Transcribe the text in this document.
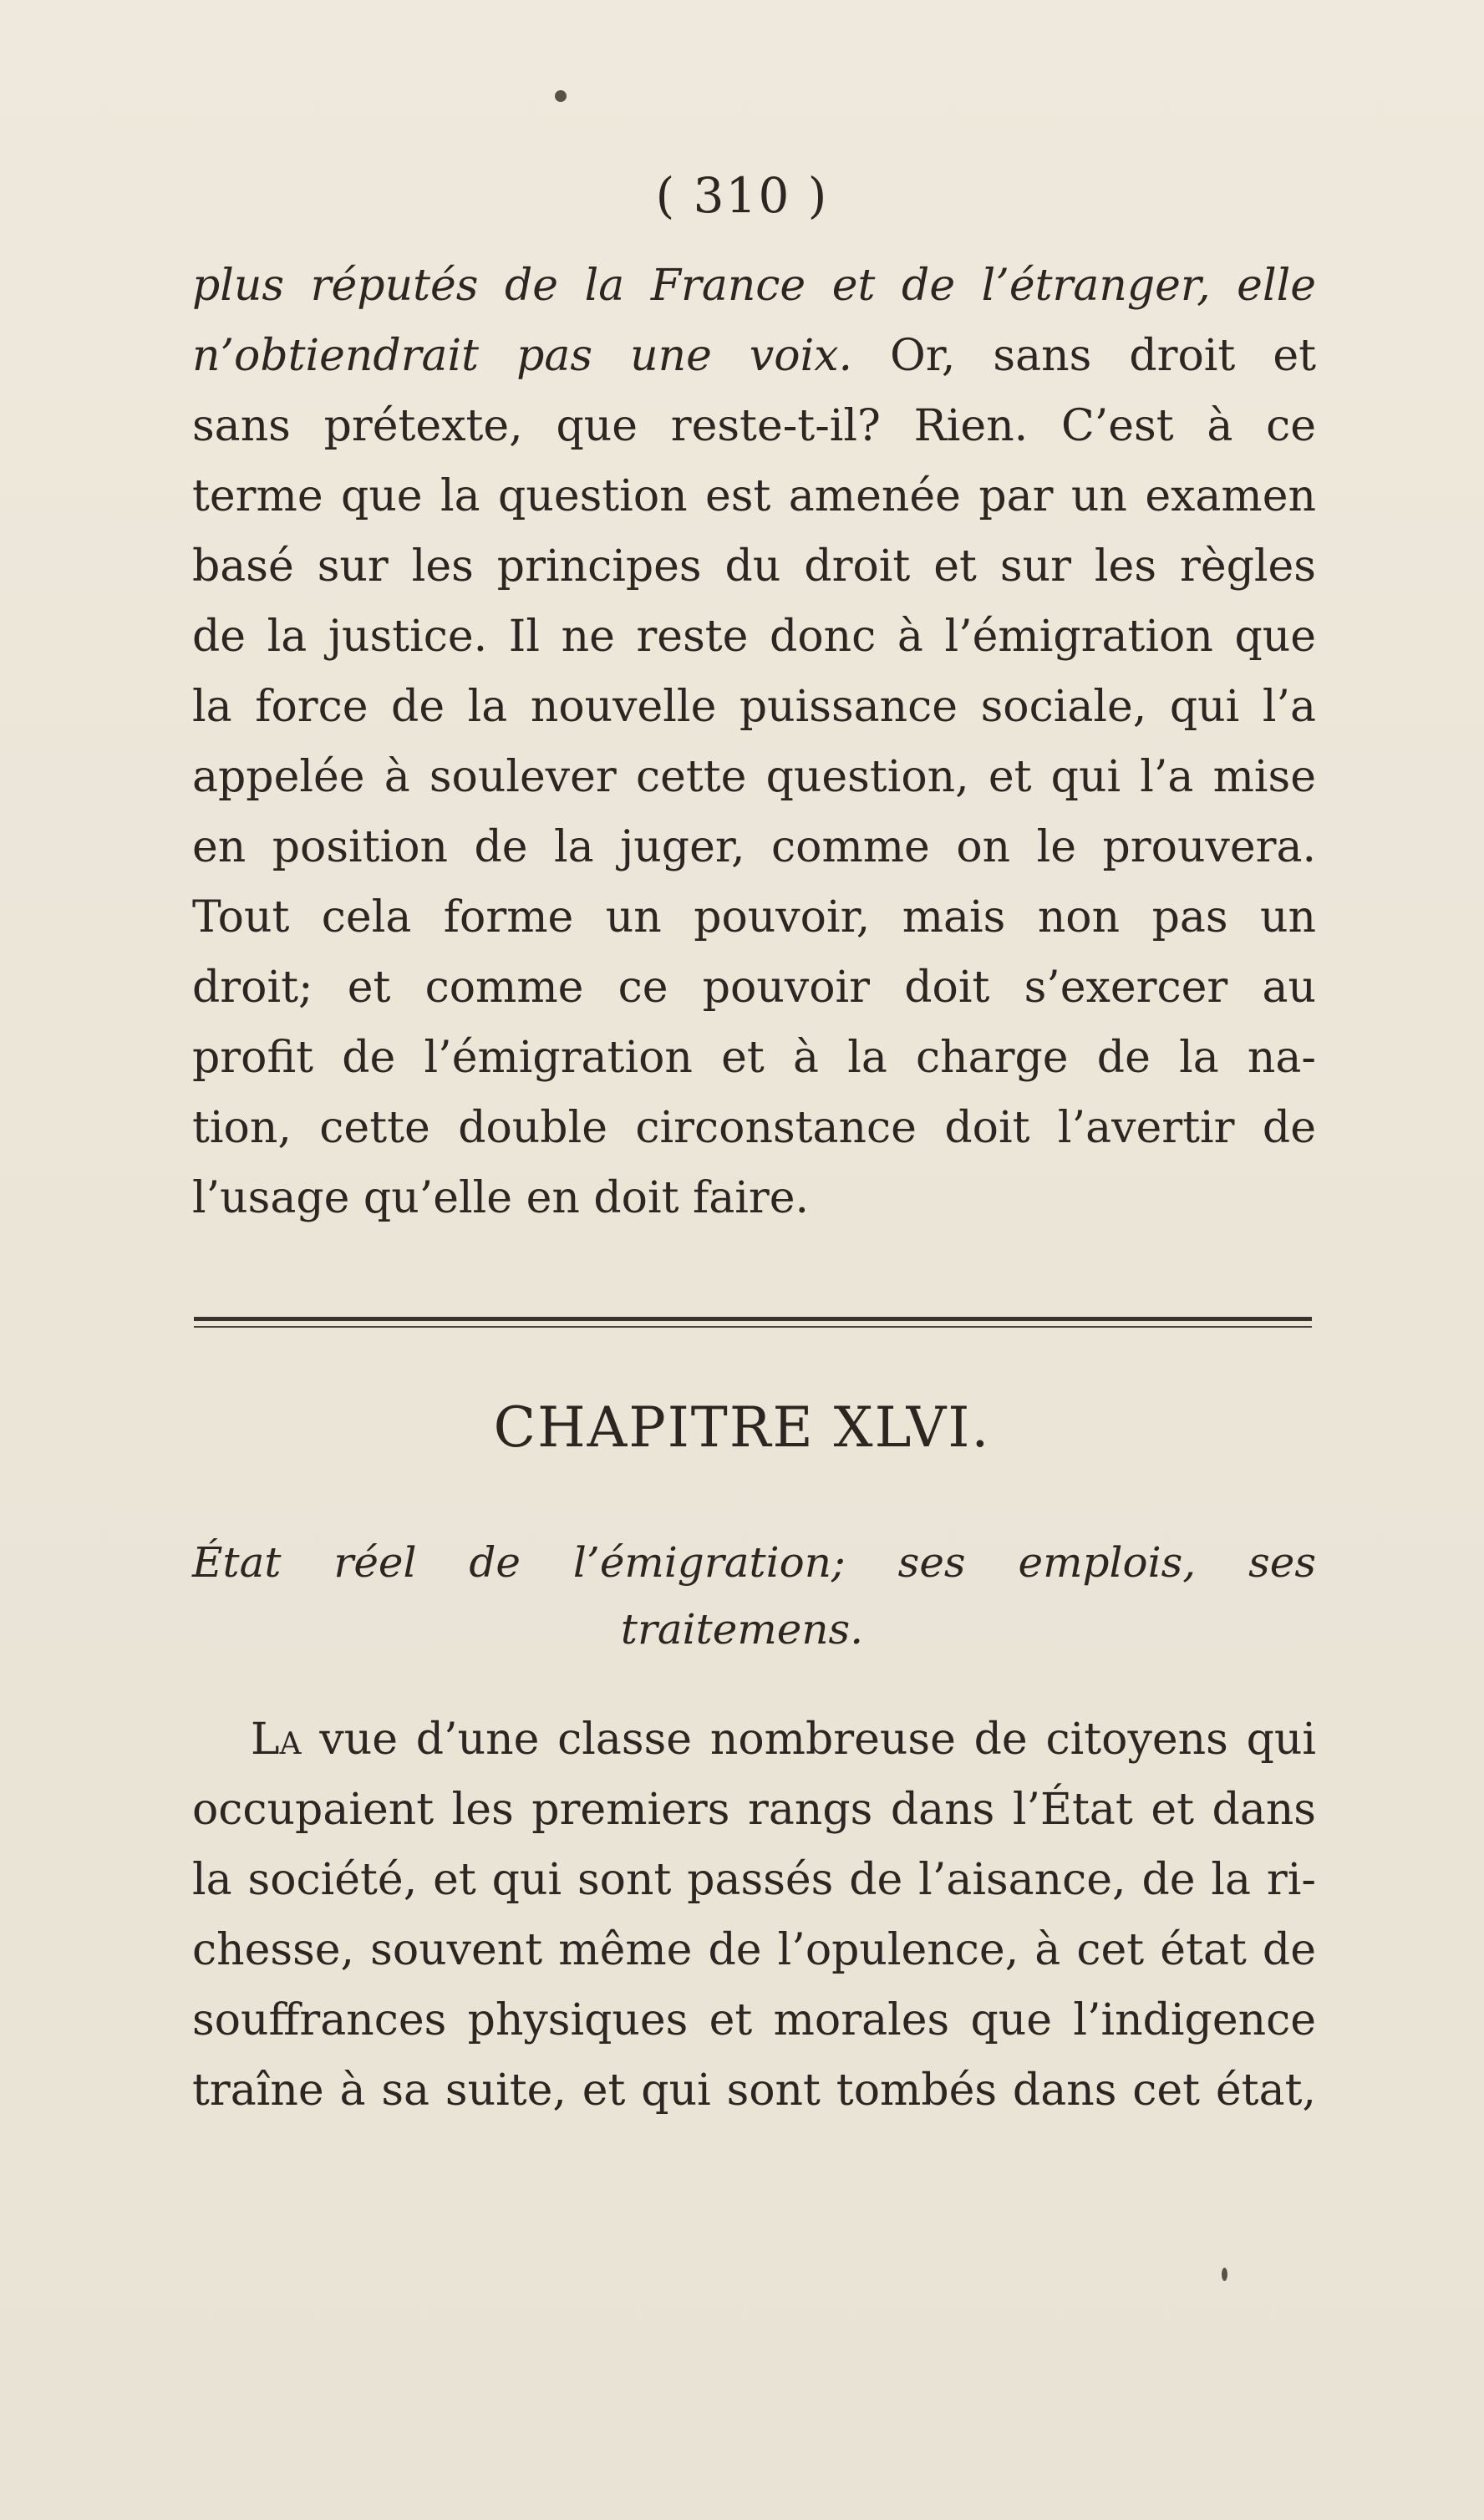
( 310 )
plus réputés de la France et de l’étranger, elle
n’obtiendrait pas une voix. Or, sans droit et
sans prétexte, que reste-t-il? Rien. C’est à ce
terme que la question est amenée par un examen
basé sur les principes du droit et sur les règles
de la justice. Il ne reste donc à l’émigration que
la force de la nouvelle puissance sociale, qui l’a
appelée à soulever cette question, et qui l’a mise
en position de la juger, comme on le prouvera.
Tout cela forme un pouvoir, mais non pas un
droit; et comme ce pouvoir doit s’exercer au
profit de l’émigration et à la charge de la na-
tion, cette double circonstance doit l’avertir de
l’usage qu’elle en doit faire.
CHAPITRE XLVI.
État réel de l’émigration; ses emplois, ses
traitemens.
La vue d’une classe nombreuse de citoyens qui
occupaient les premiers rangs dans l’État et dans
la société, et qui sont passés de l’aisance, de la ri-
chesse, souvent même de l’opulence, à cet état de
souffrances physiques et morales que l’indigence
traîne à sa suite, et qui sont tombés dans cet état,
